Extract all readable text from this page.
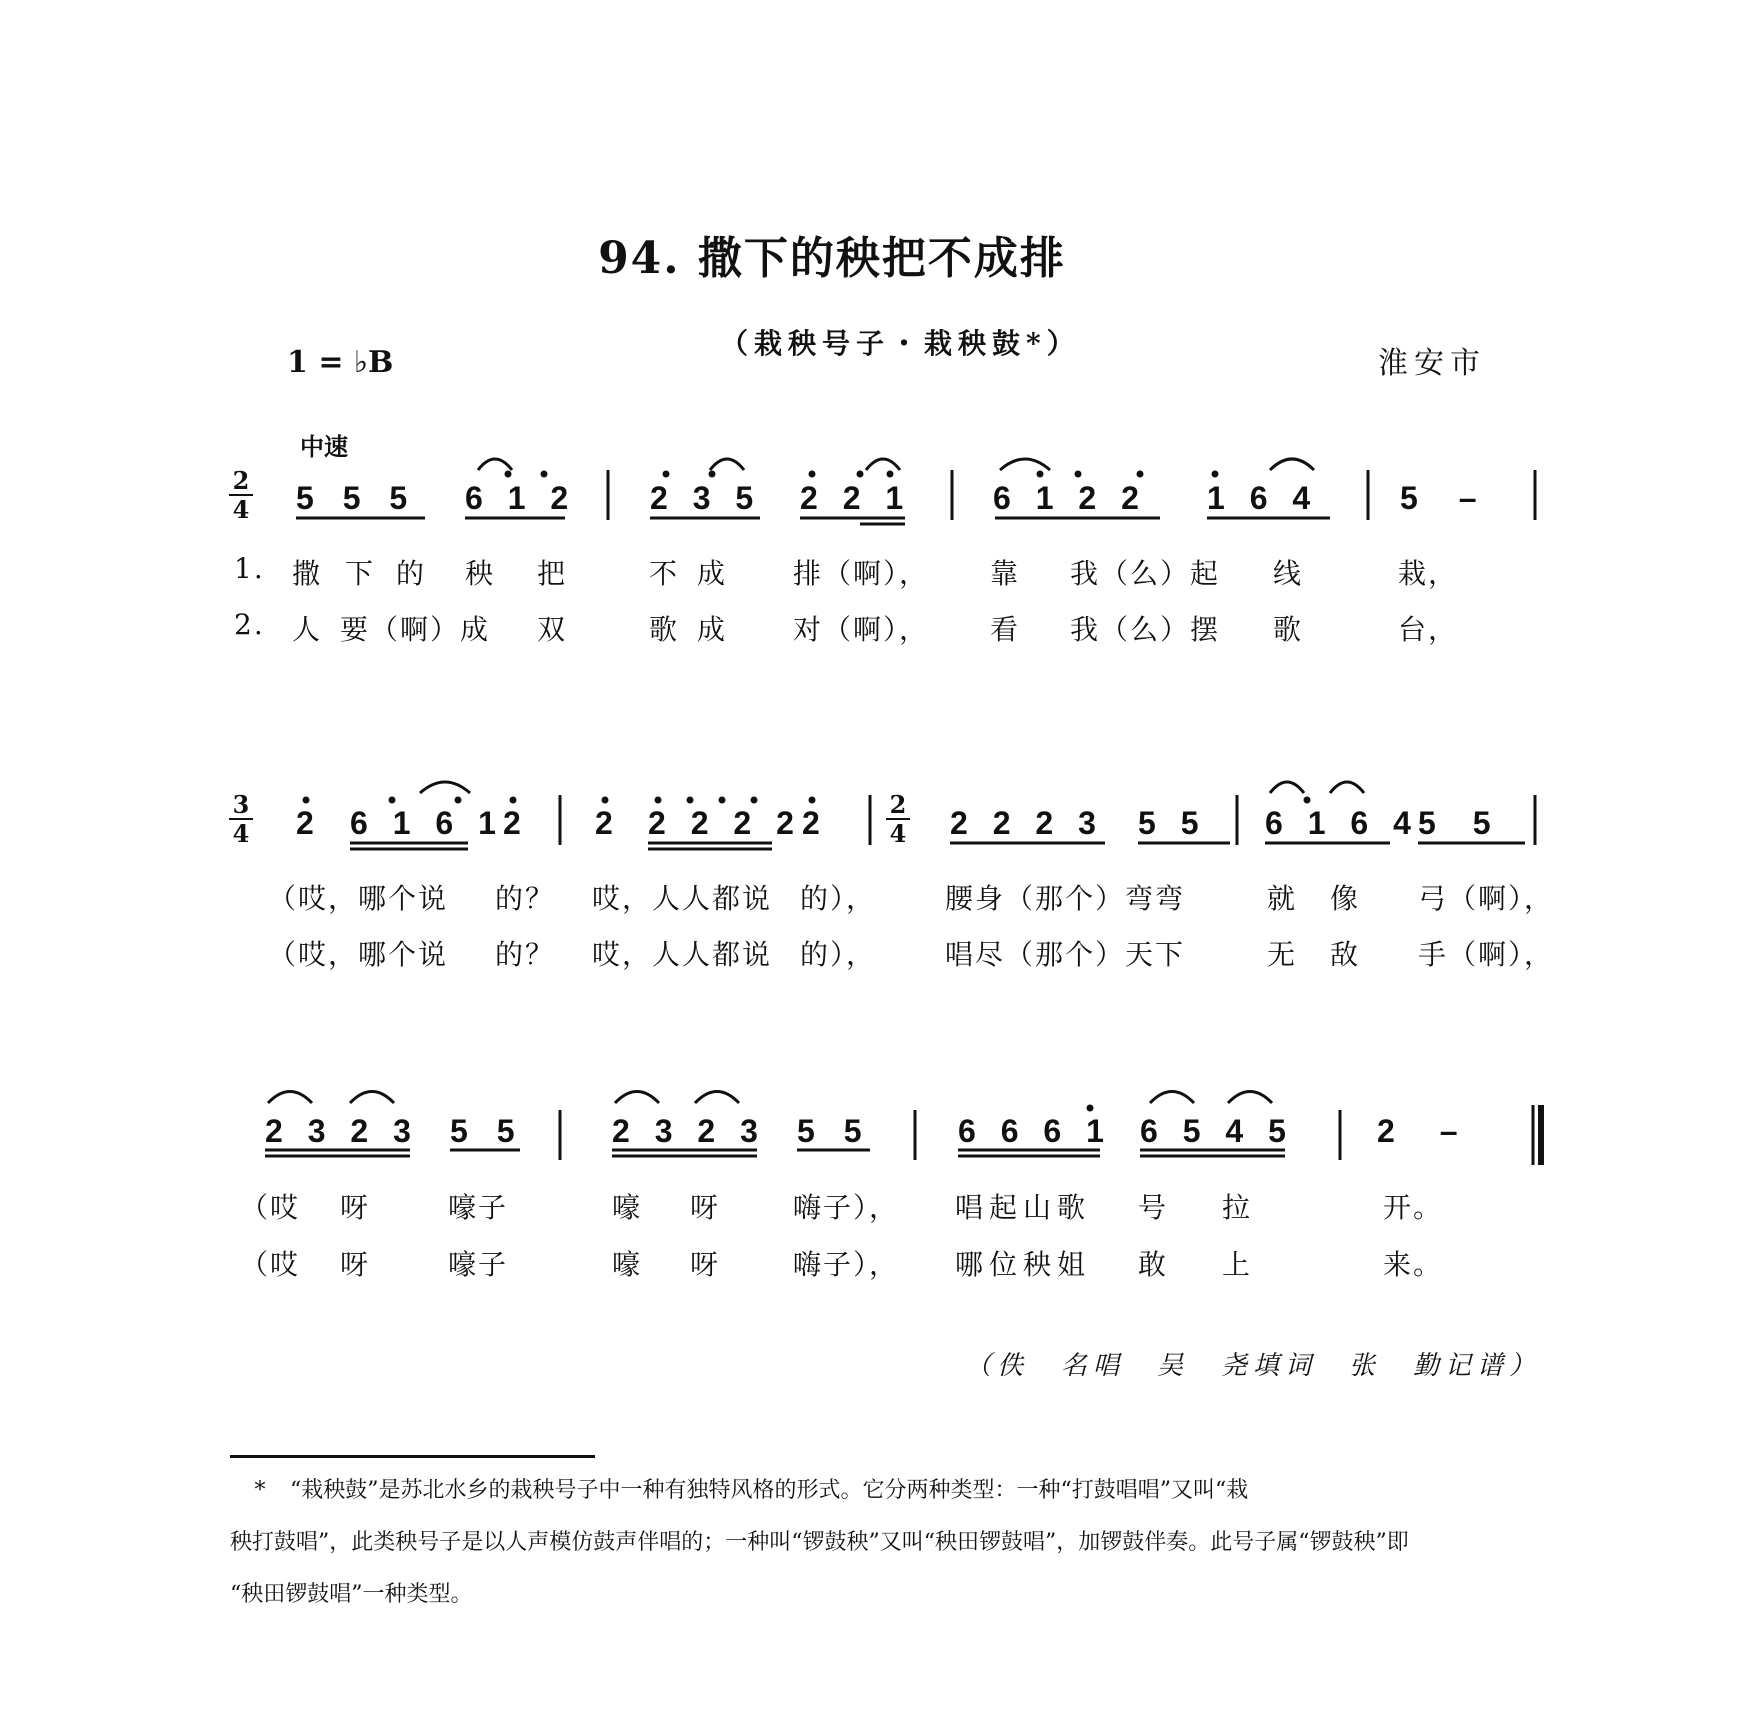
94. 撒下的秧把不成排
（栽秧号子・栽秧鼓*）
1 = ♭B	淮安市
中速
2
4 5 5 5 6 1 2 2 3 5 2 2 1	6 1 2 2 1 6 4	5 –
1. 撒 下 的 秧 把	不 成 排（啊）， 靠 我（么）起 线	栽，
2. 人 要（啊）成 双	歌 成 对（啊）， 看 我（么）摆 歌	台，
3
4
2
4
2 6 1 6 1 2 2 2 2 2 2 2	2 2 2 3 5 5 6 1 6 4 5 5
（哎，哪个说 的？ 哎，人人都说 的）， 腰身（那个）弯弯	就 像 弓（啊），
（哎，哪个说 的？ 哎，人人都说 的）， 唱尽（那个）天下	无 敌 手（啊），
2 3 2 3 5 5	2 3 2 3 5 5	6 6 6 1 6 5 4 5	2 –
（哎 呀	嚎子	嚎 呀	嗨子）， 唱起山歌 号 拉	开。
（哎 呀	嚎子	嚎 呀	嗨子）， 哪位秧姐 敢 上	来。
（佚　名唱　吴　尧填词　张　勤记谱）
* “栽秧鼓”是苏北水乡的栽秧号子中一种有独特风格的形式。它分两种类型：一种“打鼓唱唱”又叫“栽
秧打鼓唱”，此类秧号子是以人声模仿鼓声伴唱的；一种叫“锣鼓秧”又叫“秧田锣鼓唱”，加锣鼓伴奏。此号子属“锣鼓秧”即
“秧田锣鼓唱”一种类型。
